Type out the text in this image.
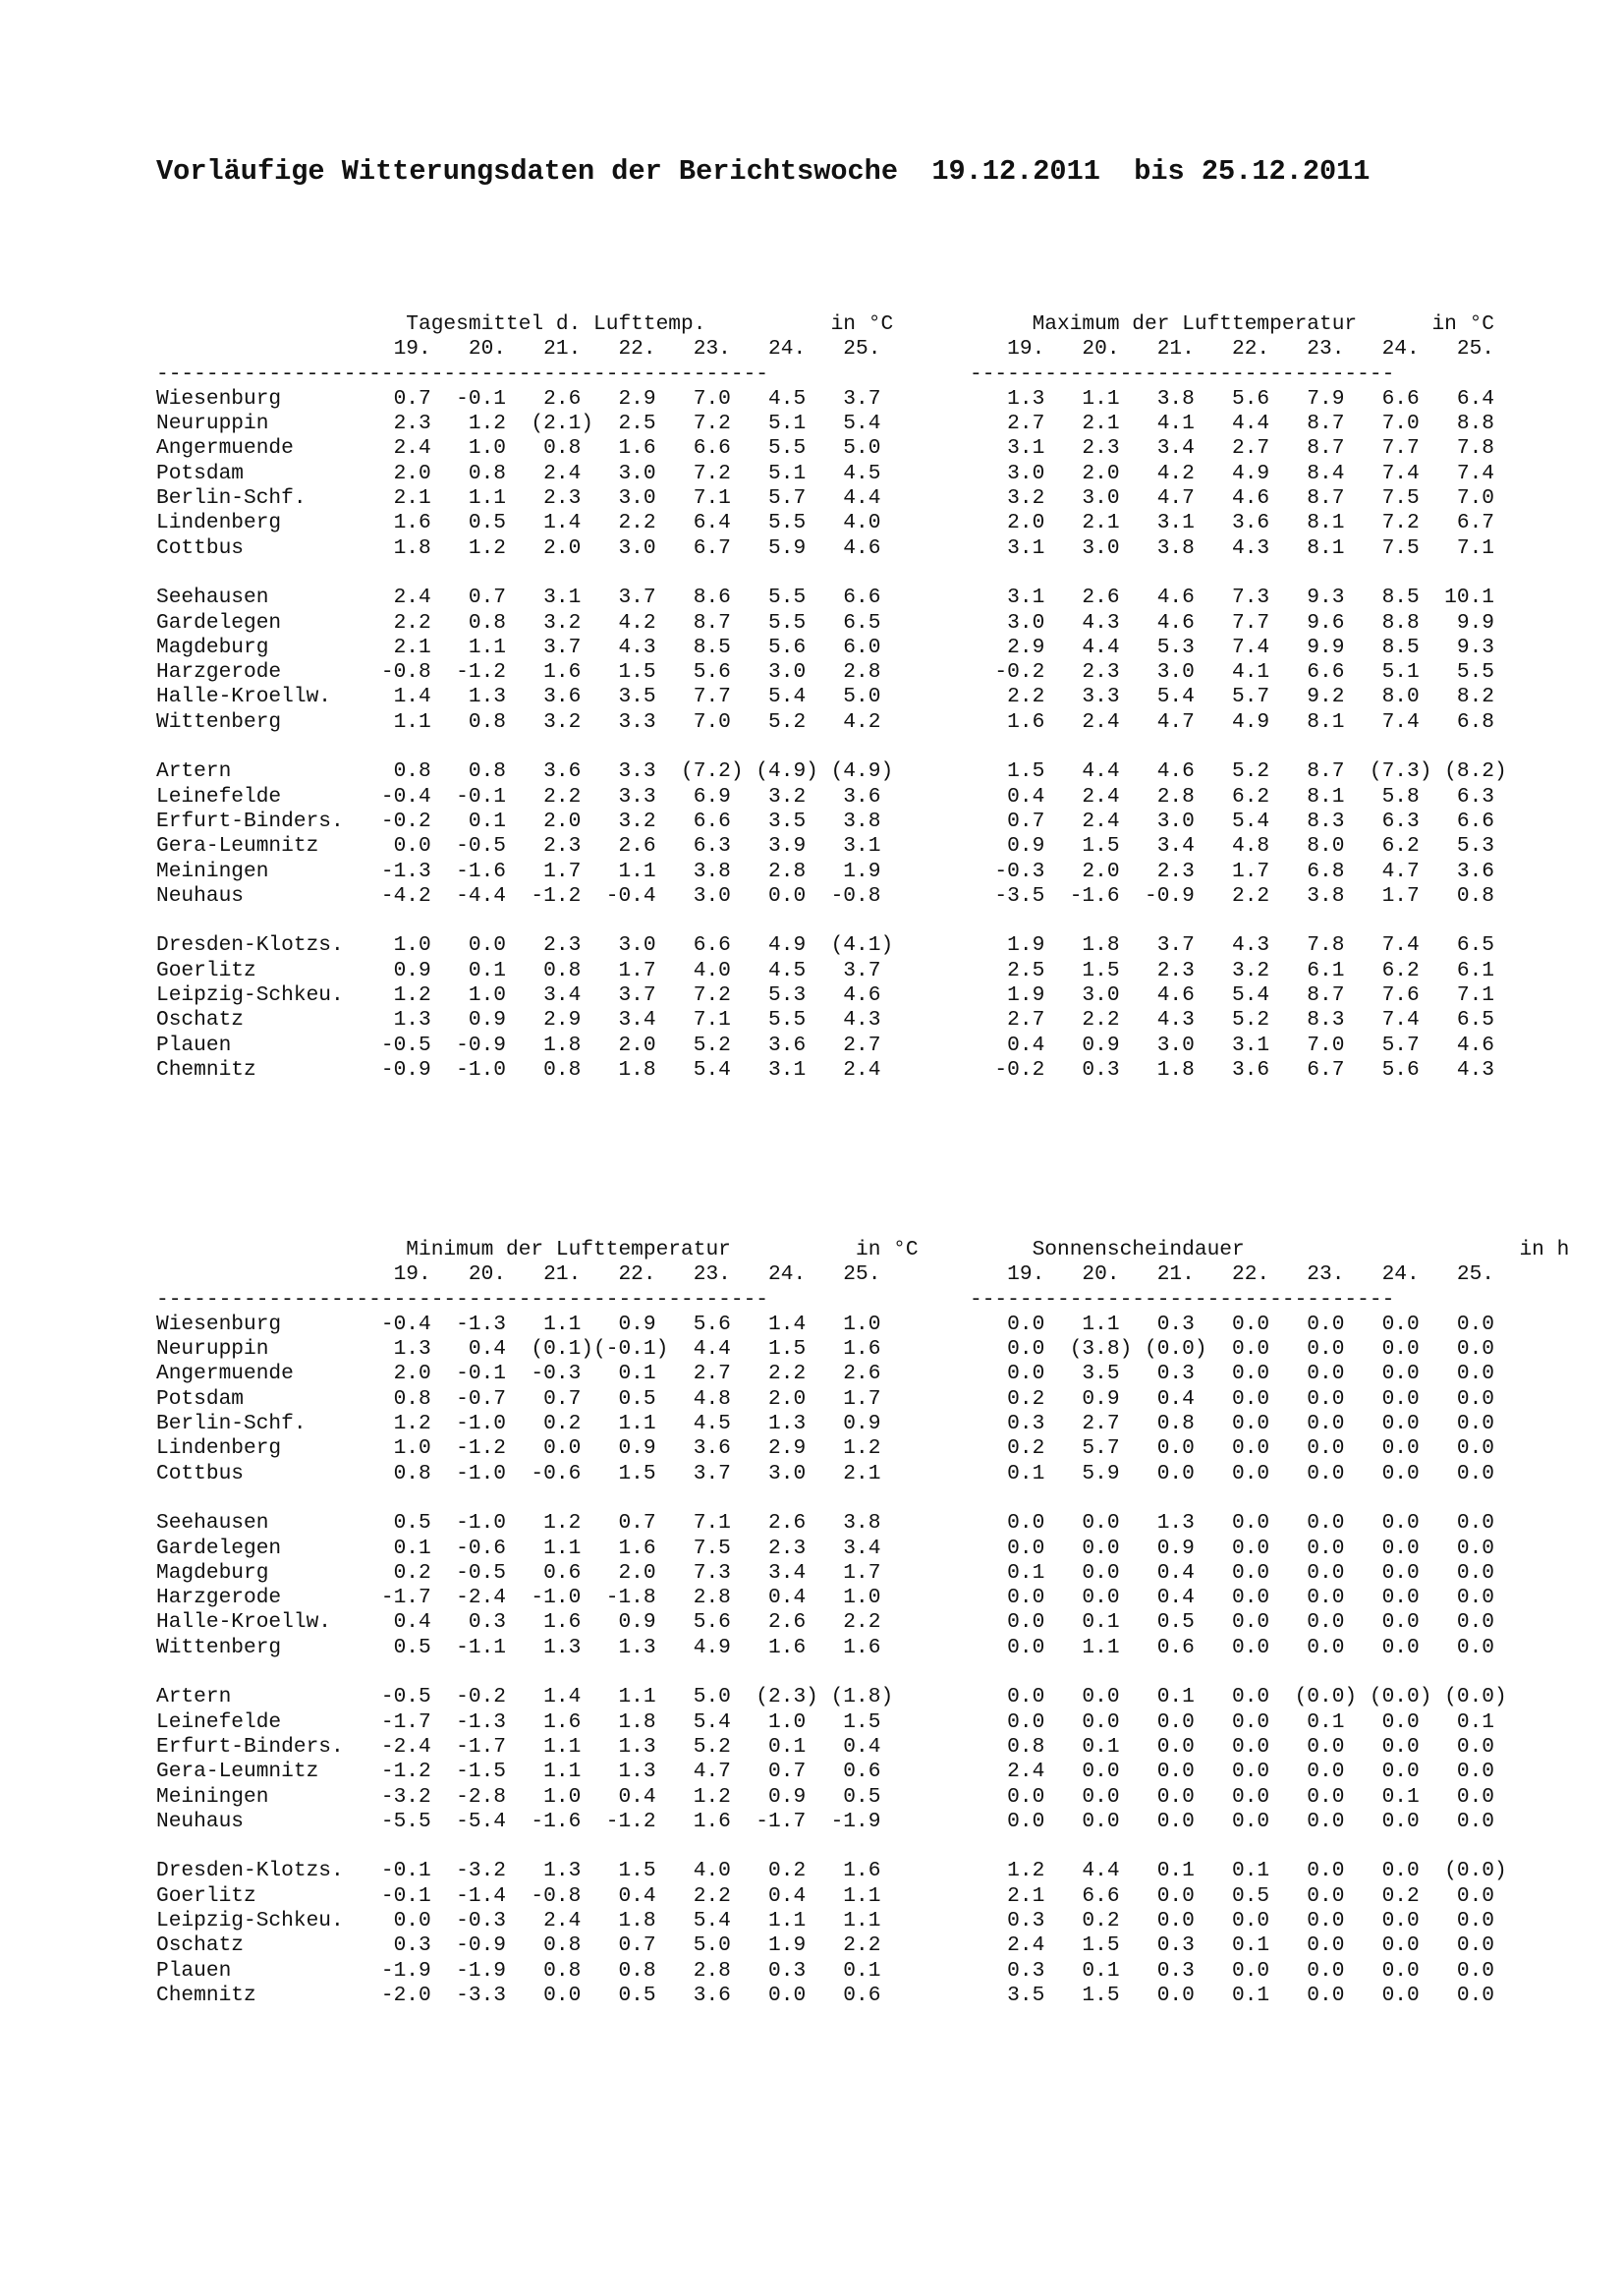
Vorläufige Witterungsdaten der Berichtswoche  19.12.2011  bis 25.12.2011
Tagesmittel d. Lufttemp.          in °C
19.   20.   21.   22.   23.   24.   25.
-------------------------------------------------
Wiesenburg         0.7  -0.1   2.6   2.9   7.0   4.5   3.7
Neuruppin          2.3   1.2  (2.1)  2.5   7.2   5.1   5.4
Angermuende        2.4   1.0   0.8   1.6   6.6   5.5   5.0
Potsdam            2.0   0.8   2.4   3.0   7.2   5.1   4.5
Berlin-Schf.       2.1   1.1   2.3   3.0   7.1   5.7   4.4
Lindenberg         1.6   0.5   1.4   2.2   6.4   5.5   4.0
Cottbus            1.8   1.2   2.0   3.0   6.7   5.9   4.6
Seehausen          2.4   0.7   3.1   3.7   8.6   5.5   6.6
Gardelegen         2.2   0.8   3.2   4.2   8.7   5.5   6.5
Magdeburg          2.1   1.1   3.7   4.3   8.5   5.6   6.0
Harzgerode        -0.8  -1.2   1.6   1.5   5.6   3.0   2.8
Halle-Kroellw.     1.4   1.3   3.6   3.5   7.7   5.4   5.0
Wittenberg         1.1   0.8   3.2   3.3   7.0   5.2   4.2
Artern             0.8   0.8   3.6   3.3  (7.2) (4.9) (4.9)
Leinefelde        -0.4  -0.1   2.2   3.3   6.9   3.2   3.6
Erfurt-Binders.   -0.2   0.1   2.0   3.2   6.6   3.5   3.8
Gera-Leumnitz      0.0  -0.5   2.3   2.6   6.3   3.9   3.1
Meiningen         -1.3  -1.6   1.7   1.1   3.8   2.8   1.9
Neuhaus           -4.2  -4.4  -1.2  -0.4   3.0   0.0  -0.8
Dresden-Klotzs.    1.0   0.0   2.3   3.0   6.6   4.9  (4.1)
Goerlitz           0.9   0.1   0.8   1.7   4.0   4.5   3.7
Leipzig-Schkeu.    1.2   1.0   3.4   3.7   7.2   5.3   4.6
Oschatz            1.3   0.9   2.9   3.4   7.1   5.5   4.3
Plauen            -0.5  -0.9   1.8   2.0   5.2   3.6   2.7
Chemnitz          -0.9  -1.0   0.8   1.8   5.4   3.1   2.4
Maximum der Lufttemperatur      in °C
19.   20.   21.   22.   23.   24.   25.
----------------------------------
1.3   1.1   3.8   5.6   7.9   6.6   6.4
2.7   2.1   4.1   4.4   8.7   7.0   8.8
3.1   2.3   3.4   2.7   8.7   7.7   7.8
3.0   2.0   4.2   4.9   8.4   7.4   7.4
3.2   3.0   4.7   4.6   8.7   7.5   7.0
2.0   2.1   3.1   3.6   8.1   7.2   6.7
3.1   3.0   3.8   4.3   8.1   7.5   7.1
3.1   2.6   4.6   7.3   9.3   8.5  10.1
3.0   4.3   4.6   7.7   9.6   8.8   9.9
2.9   4.4   5.3   7.4   9.9   8.5   9.3
-0.2   2.3   3.0   4.1   6.6   5.1   5.5
2.2   3.3   5.4   5.7   9.2   8.0   8.2
1.6   2.4   4.7   4.9   8.1   7.4   6.8
1.5   4.4   4.6   5.2   8.7  (7.3) (8.2)
0.4   2.4   2.8   6.2   8.1   5.8   6.3
0.7   2.4   3.0   5.4   8.3   6.3   6.6
0.9   1.5   3.4   4.8   8.0   6.2   5.3
-0.3   2.0   2.3   1.7   6.8   4.7   3.6
-3.5  -1.6  -0.9   2.2   3.8   1.7   0.8
1.9   1.8   3.7   4.3   7.8   7.4   6.5
2.5   1.5   2.3   3.2   6.1   6.2   6.1
1.9   3.0   4.6   5.4   8.7   7.6   7.1
2.7   2.2   4.3   5.2   8.3   7.4   6.5
0.4   0.9   3.0   3.1   7.0   5.7   4.6
-0.2   0.3   1.8   3.6   6.7   5.6   4.3
Minimum der Lufttemperatur          in °C
19.   20.   21.   22.   23.   24.   25.
-------------------------------------------------
Wiesenburg        -0.4  -1.3   1.1   0.9   5.6   1.4   1.0
Neuruppin          1.3   0.4  (0.1)(-0.1)  4.4   1.5   1.6
Angermuende        2.0  -0.1  -0.3   0.1   2.7   2.2   2.6
Potsdam            0.8  -0.7   0.7   0.5   4.8   2.0   1.7
Berlin-Schf.       1.2  -1.0   0.2   1.1   4.5   1.3   0.9
Lindenberg         1.0  -1.2   0.0   0.9   3.6   2.9   1.2
Cottbus            0.8  -1.0  -0.6   1.5   3.7   3.0   2.1
Seehausen          0.5  -1.0   1.2   0.7   7.1   2.6   3.8
Gardelegen         0.1  -0.6   1.1   1.6   7.5   2.3   3.4
Magdeburg          0.2  -0.5   0.6   2.0   7.3   3.4   1.7
Harzgerode        -1.7  -2.4  -1.0  -1.8   2.8   0.4   1.0
Halle-Kroellw.     0.4   0.3   1.6   0.9   5.6   2.6   2.2
Wittenberg         0.5  -1.1   1.3   1.3   4.9   1.6   1.6
Artern            -0.5  -0.2   1.4   1.1   5.0  (2.3) (1.8)
Leinefelde        -1.7  -1.3   1.6   1.8   5.4   1.0   1.5
Erfurt-Binders.   -2.4  -1.7   1.1   1.3   5.2   0.1   0.4
Gera-Leumnitz     -1.2  -1.5   1.1   1.3   4.7   0.7   0.6
Meiningen         -3.2  -2.8   1.0   0.4   1.2   0.9   0.5
Neuhaus           -5.5  -5.4  -1.6  -1.2   1.6  -1.7  -1.9
Dresden-Klotzs.   -0.1  -3.2   1.3   1.5   4.0   0.2   1.6
Goerlitz          -0.1  -1.4  -0.8   0.4   2.2   0.4   1.1
Leipzig-Schkeu.    0.0  -0.3   2.4   1.8   5.4   1.1   1.1
Oschatz            0.3  -0.9   0.8   0.7   5.0   1.9   2.2
Plauen            -1.9  -1.9   0.8   0.8   2.8   0.3   0.1
Chemnitz          -2.0  -3.3   0.0   0.5   3.6   0.0   0.6
Sonnenscheindauer                      in h
19.   20.   21.   22.   23.   24.   25.
----------------------------------
0.0   1.1   0.3   0.0   0.0   0.0   0.0
0.0  (3.8) (0.0)  0.0   0.0   0.0   0.0
0.0   3.5   0.3   0.0   0.0   0.0   0.0
0.2   0.9   0.4   0.0   0.0   0.0   0.0
0.3   2.7   0.8   0.0   0.0   0.0   0.0
0.2   5.7   0.0   0.0   0.0   0.0   0.0
0.1   5.9   0.0   0.0   0.0   0.0   0.0
0.0   0.0   1.3   0.0   0.0   0.0   0.0
0.0   0.0   0.9   0.0   0.0   0.0   0.0
0.1   0.0   0.4   0.0   0.0   0.0   0.0
0.0   0.0   0.4   0.0   0.0   0.0   0.0
0.0   0.1   0.5   0.0   0.0   0.0   0.0
0.0   1.1   0.6   0.0   0.0   0.0   0.0
0.0   0.0   0.1   0.0  (0.0) (0.0) (0.0)
0.0   0.0   0.0   0.0   0.1   0.0   0.1
0.8   0.1   0.0   0.0   0.0   0.0   0.0
2.4   0.0   0.0   0.0   0.0   0.0   0.0
0.0   0.0   0.0   0.0   0.0   0.1   0.0
0.0   0.0   0.0   0.0   0.0   0.0   0.0
1.2   4.4   0.1   0.1   0.0   0.0  (0.0)
2.1   6.6   0.0   0.5   0.0   0.2   0.0
0.3   0.2   0.0   0.0   0.0   0.0   0.0
2.4   1.5   0.3   0.1   0.0   0.0   0.0
0.3   0.1   0.3   0.0   0.0   0.0   0.0
3.5   1.5   0.0   0.1   0.0   0.0   0.0
